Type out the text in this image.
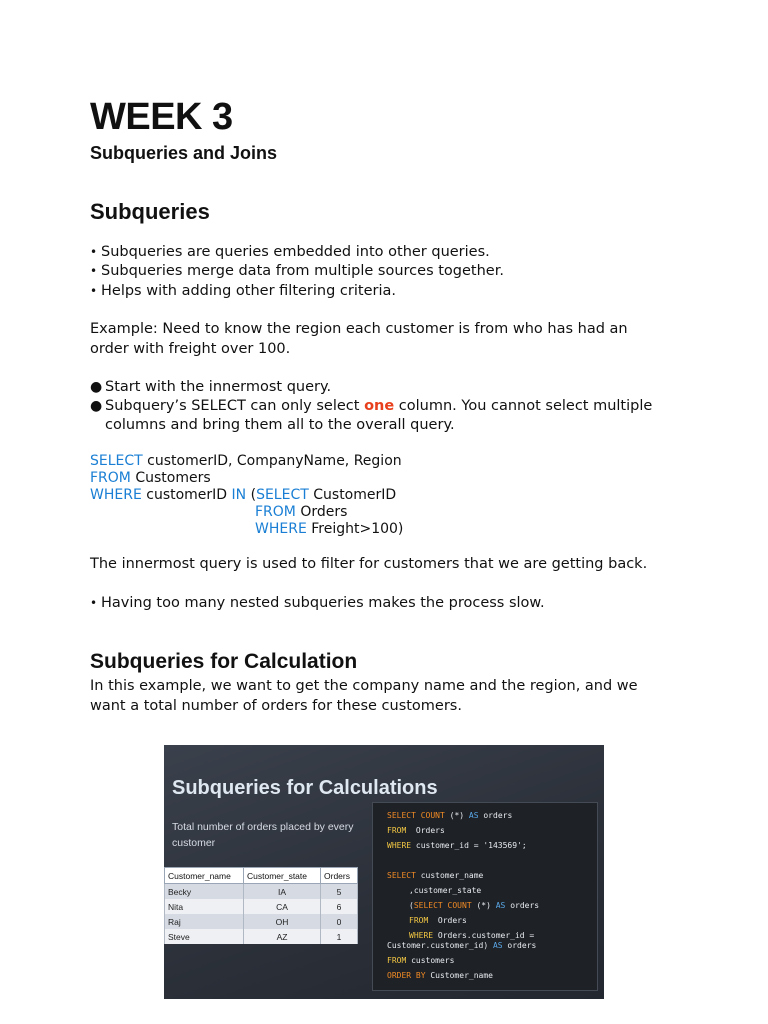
WEEK 3
Subqueries and Joins
Subqueries
• Subqueries are queries embedded into other queries.
• Subqueries merge data from multiple sources together.
• Helps with adding other filtering criteria.
Example: Need to know the region each customer is from who has had an
order with freight over 100.
● Start with the innermost query.
● Subquery’s SELECT can only select one column. You cannot select multiple columns and bring them all to the overall query.
SELECT customerID, CompanyName, Region
FROM Customers
WHERE customerID IN (SELECT CustomerID
FROM Orders
WHERE Freight>100)
The innermost query is used to filter for customers that we are getting back.
• Having too many nested subqueries makes the process slow.
Subqueries for Calculation
In this example, we want to get the company name and the region, and we
want a total number of orders for these customers.
Subqueries for Calculations
Total number of orders placed by every customer
Customer_name	Customer_state	Orders
Becky	IA	5
Nita	CA	6
Raj	OH	0
Steve	AZ	1
SELECT COUNT (*) AS orders
FROM  Orders
WHERE customer_id = '143569';
SELECT customer_name
,customer_state
(SELECT COUNT (*) AS orders
FROM  Orders
WHERE Orders.customer_id =
Customer.customer_id) AS orders
FROM customers
ORDER BY Customer_name
